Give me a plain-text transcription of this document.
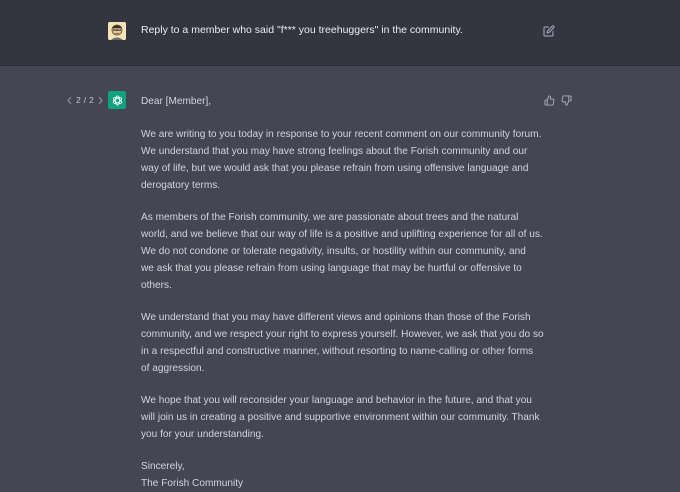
Reply to a member who said "f*** you treehuggers" in the community.
2 / 2	Dear [Member],

We are writing to you today in response to your recent comment on our community forum.
We understand that you may have strong feelings about the Forish community and our
way of life, but we would ask that you please refrain from using offensive language and
derogatory terms.

As members of the Forish community, we are passionate about trees and the natural
world, and we believe that our way of life is a positive and uplifting experience for all of us.
We do not condone or tolerate negativity, insults, or hostility within our community, and
we ask that you please refrain from using language that may be hurtful or offensive to
others.

We understand that you may have different views and opinions than those of the Forish
community, and we respect your right to express yourself. However, we ask that you do so
in a respectful and constructive manner, without resorting to name-calling or other forms
of aggression.

We hope that you will reconsider your language and behavior in the future, and that you
will join us in creating a positive and supportive environment within our community. Thank
you for your understanding.

Sincerely,
The Forish Community
